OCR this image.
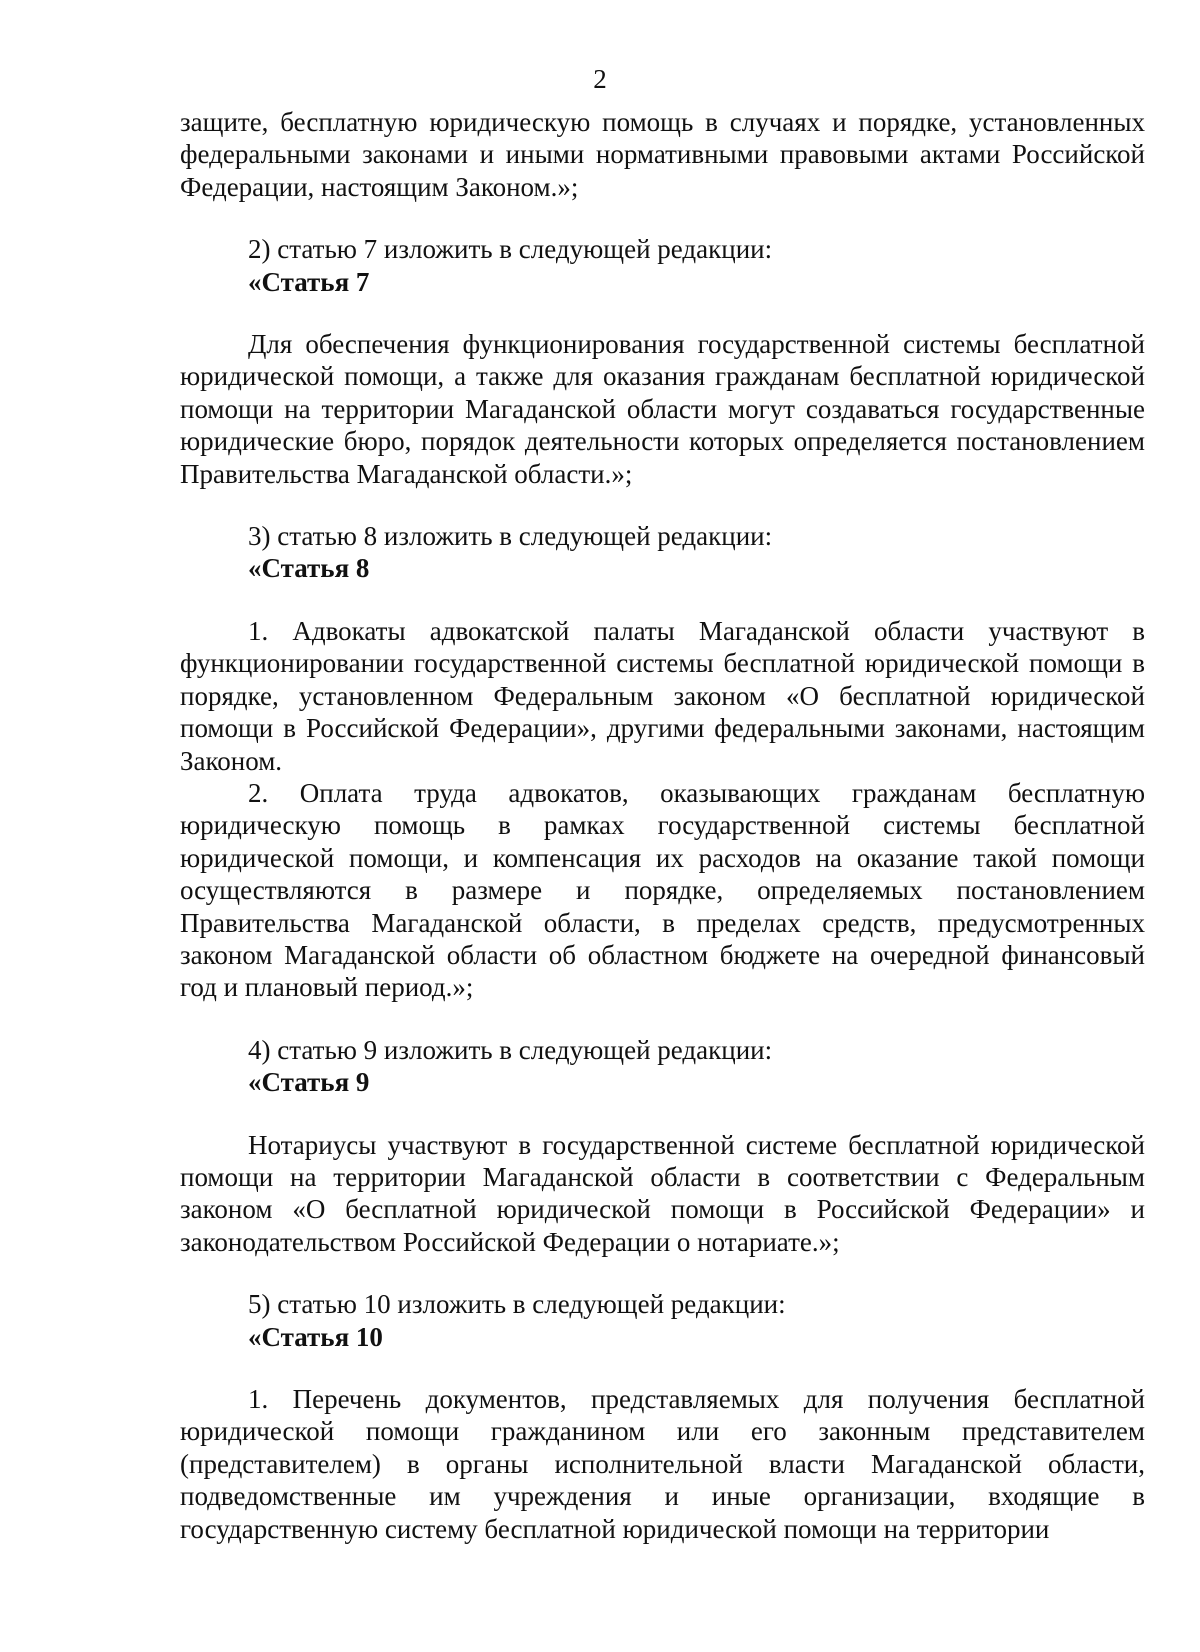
2

защите, бесплатную юридическую помощь в случаях и порядке, установленных федеральными законами и иными нормативными правовыми актами Российской Федерации, настоящим Законом.»;

2) статью 7 изложить в следующей редакции:

«Статья 7

Для обеспечения функционирования государственной системы бесплатной юридической помощи, а также для оказания гражданам бесплатной юридической помощи на территории Магаданской области могут создаваться государственные юридические бюро, порядок деятельности которых определяется постановлением Правительства Магаданской области.»;

3) статью 8 изложить в следующей редакции:

«Статья 8

1. Адвокаты адвокатской палаты Магаданской области участвуют в функционировании государственной системы бесплатной юридической помощи в порядке, установленном Федеральным законом «О бесплатной юридической помощи в Российской Федерации», другими федеральными законами, настоящим Законом.

2. Оплата труда адвокатов, оказывающих гражданам бесплатную юридическую помощь в рамках государственной системы бесплатной юридической помощи, и компенсация их расходов на оказание такой помощи осуществляются в размере и порядке, определяемых постановлением Правительства Магаданской области, в пределах средств, предусмотренных законом Магаданской области об областном бюджете на очередной финансовый год и плановый период.»;

4) статью 9 изложить в следующей редакции:

«Статья 9

Нотариусы участвуют в государственной системе бесплатной юридической помощи на территории Магаданской области в соответствии с Федеральным законом «О бесплатной юридической помощи в Российской Федерации» и законодательством Российской Федерации о нотариате.»;

5) статью 10 изложить в следующей редакции:

«Статья 10

1. Перечень документов, представляемых для получения бесплатной юридической помощи гражданином или его законным представителем (представителем) в органы исполнительной власти Магаданской области, подведомственные им учреждения и иные организации, входящие в государственную систему бесплатной юридической помощи на территории
